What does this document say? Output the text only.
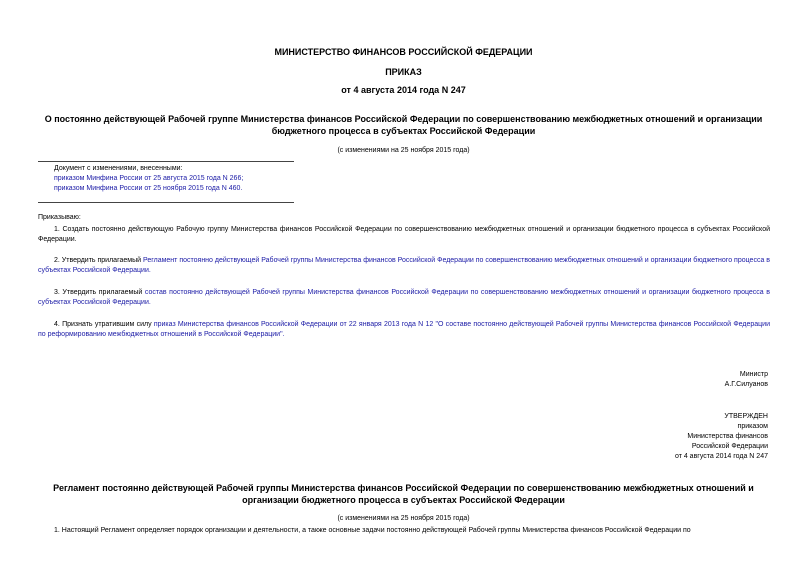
МИНИСТЕРСТВО ФИНАНСОВ РОССИЙСКОЙ ФЕДЕРАЦИИ
ПРИКАЗ
от 4 августа 2014 года N 247
О постоянно действующей Рабочей группе Министерства финансов Российской Федерации по совершенствованию межбюджетных отношений и организации
бюджетного процесса в субъектах Российской Федерации
(с изменениями на 25 ноября 2015 года)
Документ с изменениями, внесенными:
приказом Минфина России от 25 августа 2015 года N 266;
приказом Минфина России от 25 ноября 2015 года N 460.
Приказываю:
1. Создать постоянно действующую Рабочую группу Министерства финансов Российской Федерации по совершенствованию межбюджетных отношений и организации бюджетного процесса в субъектах Российской Федерации.
2. Утвердить прилагаемый Регламент постоянно действующей Рабочей группы Министерства финансов Российской Федерации по совершенствованию межбюджетных отношений и организации бюджетного процесса в субъектах Российской Федерации.
3. Утвердить прилагаемый состав постоянно действующей Рабочей группы Министерства финансов Российской Федерации по совершенствованию межбюджетных отношений и организации бюджетного процесса в субъектах Российской Федерации.
4. Признать утратившим силу приказ Министерства финансов Российской Федерации от 22 января 2013 года N 12 "О составе постоянно действующей Рабочей группы Министерства финансов Российской Федерации по реформированию межбюджетных отношений в Российской Федерации".
Министр
А.Г.Силуанов
УТВЕРЖДЕН
приказом
Министерства финансов
Российской Федерации
от 4 августа 2014 года N 247
Регламент постоянно действующей Рабочей группы Министерства финансов Российской Федерации по совершенствованию межбюджетных отношений и
организации бюджетного процесса в субъектах Российской Федерации
(с изменениями на 25 ноября 2015 года)
1. Настоящий Регламент определяет порядок организации и деятельности, а также основные задачи постоянно действующей Рабочей группы Министерства финансов Российской Федерации по
